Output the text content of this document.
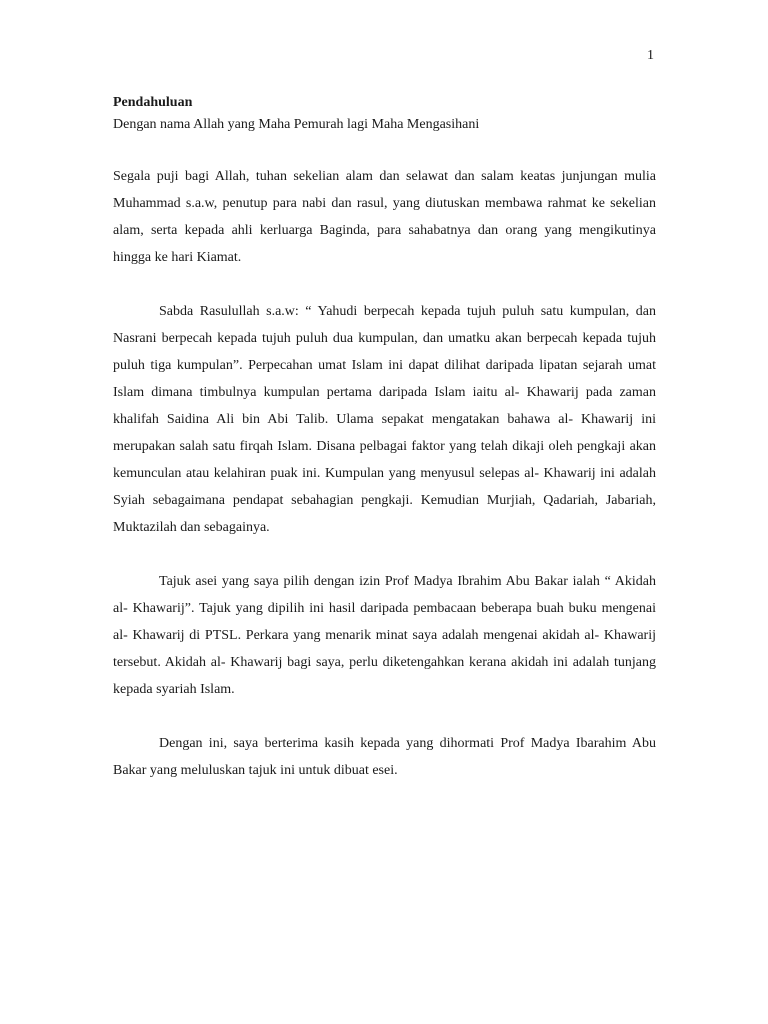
1

Pendahuluan

Dengan nama Allah yang Maha Pemurah lagi Maha Mengasihani

Segala puji bagi Allah, tuhan sekelian alam dan selawat dan salam keatas junjungan mulia Muhammad s.a.w, penutup para nabi dan rasul, yang diutuskan membawa rahmat ke sekelian alam, serta kepada ahli kerluarga Baginda, para sahabatnya dan orang yang mengikutinya hingga ke hari Kiamat.

Sabda Rasulullah s.a.w: “ Yahudi berpecah kepada tujuh puluh satu kumpulan, dan Nasrani berpecah kepada tujuh puluh dua kumpulan, dan umatku akan berpecah kepada tujuh puluh tiga kumpulan”. Perpecahan umat Islam ini dapat dilihat daripada lipatan sejarah umat Islam dimana timbulnya kumpulan pertama daripada Islam iaitu al- Khawarij pada zaman khalifah Saidina Ali bin Abi Talib. Ulama sepakat mengatakan bahawa al- Khawarij ini merupakan salah satu firqah Islam. Disana pelbagai faktor yang telah dikaji oleh pengkaji akan kemunculan atau kelahiran puak ini. Kumpulan yang menyusul selepas al- Khawarij ini adalah Syiah sebagaimana pendapat sebahagian pengkaji. Kemudian Murjiah, Qadariah, Jabariah, Muktazilah dan sebagainya.

Tajuk asei yang saya pilih dengan izin Prof Madya Ibrahim Abu Bakar ialah “ Akidah al- Khawarij”. Tajuk yang dipilih ini hasil daripada pembacaan beberapa buah buku mengenai al- Khawarij di PTSL. Perkara yang menarik minat saya adalah mengenai akidah al- Khawarij tersebut. Akidah al- Khawarij bagi saya, perlu diketengahkan kerana akidah ini adalah tunjang kepada syariah Islam.

Dengan ini, saya berterima kasih kepada yang dihormati Prof Madya Ibarahim Abu Bakar yang meluluskan tajuk ini untuk dibuat esei.
